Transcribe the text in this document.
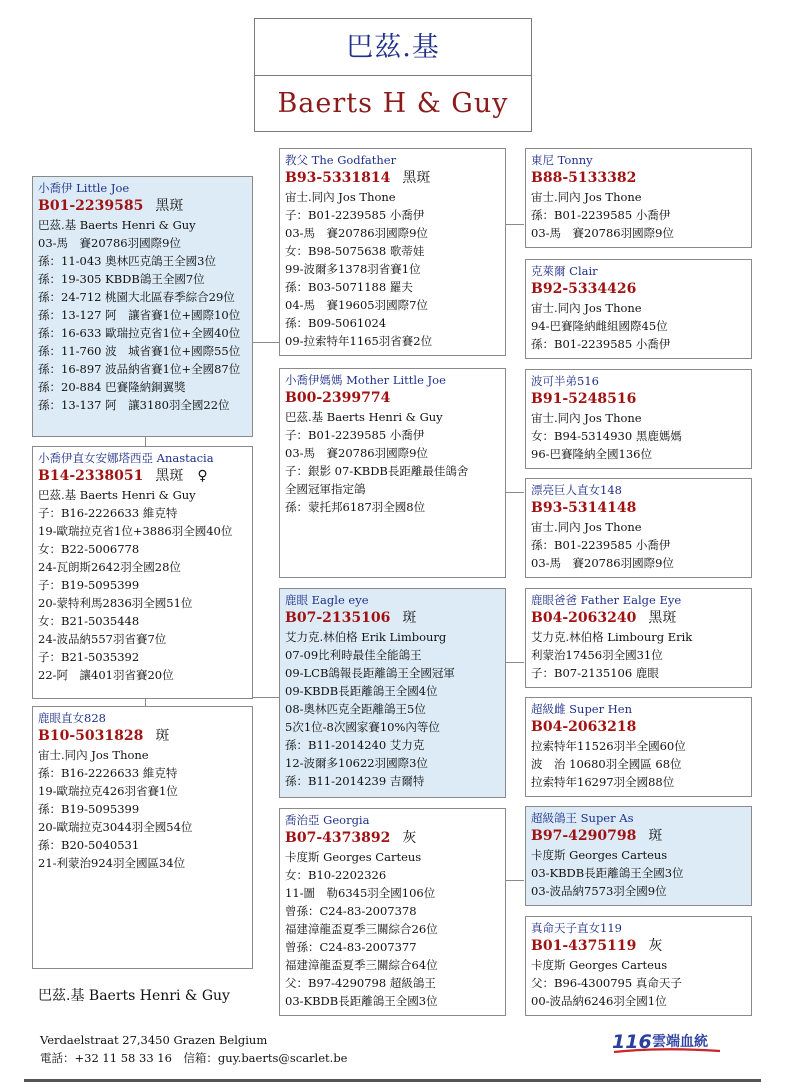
巴茲.基
Baerts H & Guy
小喬伊 Little Joe
B01-2239585 黑斑
巴茲.基 Baerts Henri & Guy
03-馬　賽20786羽國際9位
孫：11-043 奧林匹克鴿王全國3位
孫：19-305 KBDB鴿王全國7位
孫：24-712 桃園大北區春季綜合29位
孫：13-127 阿　讓省賽1位+國際10位
孫：16-633 歐瑞拉克省1位+全國40位
孫：11-760 波　城省賽1位+國際55位
孫：16-897 波品納省賽1位+全國87位
孫：20-884 巴賽隆納銅翼獎
孫：13-137 阿　讓3180羽全國22位
小喬伊直女安娜塔西亞 Anastacia
B14-2338051 黑斑　♀
巴茲.基 Baerts Henri & Guy
子：B16-2226633 維克特
19-歐瑞拉克省1位+3886羽全國40位
女：B22-5006778
24-瓦朗斯2642羽全國28位
子：B19-5095399
20-蒙特利馬2836羽全國51位
女：B21-5035448
24-波品納557羽省賽7位
子：B21-5035392
22-阿　讓401羽省賽20位
鹿眼直女828
B10-5031828 斑
宙士.同內 Jos Thone
孫：B16-2226633 維克特
19-歐瑞拉克426羽省賽1位
孫：B19-5095399
20-歐瑞拉克3044羽全國54位
孫：B20-5040531
21-利蒙治924羽全國區34位
教父 The Godfather
B93-5331814 黑斑
宙士.同內 Jos Thone
子：B01-2239585 小喬伊
03-馬　賽20786羽國際9位
女：B98-5075638 歌蒂娃
99-波爾多1378羽省賽1位
孫：B03-5071188 羅夫
04-馬　賽19605羽國際7位
孫：B09-5061024
09-拉索特年1165羽省賽2位
小喬伊媽媽 Mother Little Joe
B00-2399774
巴茲.基 Baerts Henri & Guy
子：B01-2239585 小喬伊
03-馬　賽20786羽國際9位
子：銀影 07-KBDB長距離最佳鴿舍
全國冠軍指定鴿
孫：蒙托邦6187羽全國8位
鹿眼 Eagle eye
B07-2135106 斑
艾力克.林伯格 Erik Limbourg
07-09比利時最佳全能鴿王
09-LCB鴿報長距離鴿王全國冠軍
09-KBDB長距離鴿王全國4位
08-奧林匹克全距離鴿王5位
5次1位-8次國家賽10%內等位
孫：B11-2014240 艾力克
12-波爾多10622羽國際3位
孫：B11-2014239 吉爾特
喬治亞 Georgia
B07-4373892 灰
卡度斯 Georges Carteus
女：B10-2202326
11-圖　勒6345羽全國106位
曾孫：C24-83-2007378
福建漳龍盃夏季三關綜合26位
曾孫：C24-83-2007377
福建漳龍盃夏季三關綜合64位
父：B97-4290798 超級鴿王
03-KBDB長距離鴿王全國3位
東尼 Tonny
B88-5133382
宙士.同內 Jos Thone
孫：B01-2239585 小喬伊
03-馬　賽20786羽國際9位
克萊爾 Clair
B92-5334426
宙士.同內 Jos Thone
94-巴賽隆納雌組國際45位
孫：B01-2239585 小喬伊
波可半弟516
B91-5248516
宙士.同內 Jos Thone
女：B94-5314930 黑鹿媽媽
96-巴賽隆納全國136位
漂亮巨人直女148
B93-5314148
宙士.同內 Jos Thone
孫：B01-2239585 小喬伊
03-馬　賽20786羽國際9位
鹿眼爸爸 Father Ealge Eye
B04-2063240 黑斑
艾力克.林伯格 Limbourg Erik
利蒙治17456羽全國31位
子：B07-2135106 鹿眼
超級雌 Super Hen
B04-2063218
拉索特年11526羽半全國60位
波　治 10680羽全國區 68位
拉索特年16297羽全國88位
超級鴿王 Super As
B97-4290798 斑
卡度斯 Georges Carteus
03-KBDB長距離鴿王全國3位
03-波品納7573羽全國9位
真命天子直女119
B01-4375119 灰
卡度斯 Georges Carteus
父：B96-4300795 真命天子
00-波品納6246羽全國1位
巴茲.基 Baerts Henri & Guy
Verdaelstraat 27,3450 Grazen Belgium
電話：+32 11 58 33 16　信箱：guy.baerts@scarlet.be
116 雲端血統
